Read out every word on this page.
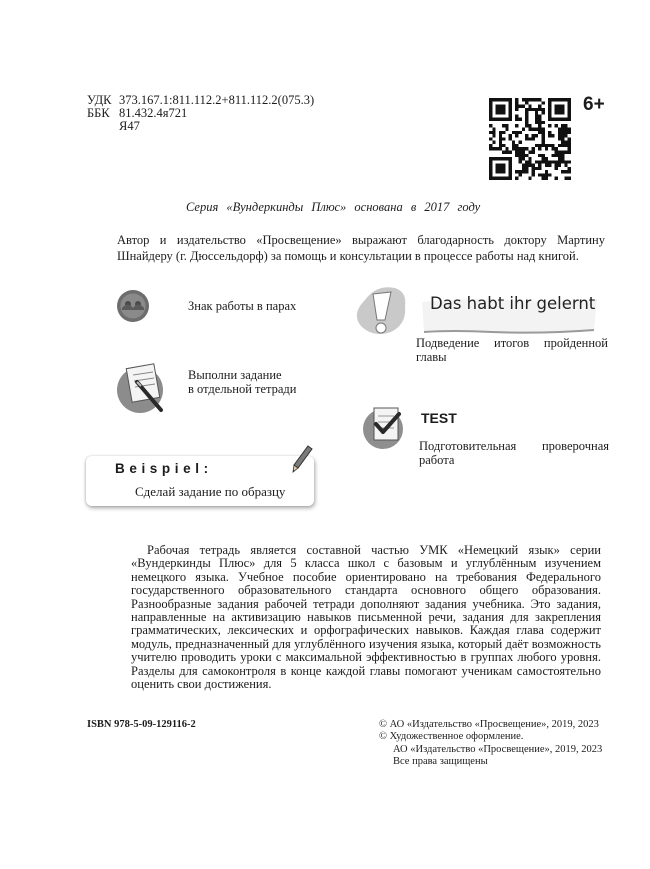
УДК 373.167.1:811.112.2+811.112.2(075.3)
ББК 81.432.4я721
Я47
6+
Серия «Вундеркинды Плюс» основана в 2017 году
Автор и издательство «Просвещение» выражают благодарность доктору Мартину Шнайдеру (г. Дюссельдорф) за помощь и консультации в процессе работы над книгой.
Знак работы в парах
Выполни задание
в отдельной тетради
Das habt ihr gelernt
Подведение итогов пройденной
главы
TEST
Подготовительная проверочная
работа
Beispiel:
Сделай задание по образцу
Рабочая тетрадь является составной частью УМК «Немецкий язык» серии «Вундеркинды Плюс» для 5 класса школ с базовым и углублённым изучением немецкого языка. Учебное пособие ориентировано на требования Федерального государственного образовательного стандарта основного общего образования. Разнообразные задания рабочей тетради дополняют задания учебника. Это задания, направленные на активизацию навыков письменной речи, задания для закрепления грамматических, лексических и орфографических навыков. Каждая глава содержит модуль, предназначенный для углублённого изучения языка, который даёт возможность учителю проводить уроки с максимальной эффективностью в группах любого уровня. Разделы для самоконтроля в конце каждой главы помогают ученикам самостоятельно оценить свои достижения.
ISBN 978-5-09-129116-2	© АО «Издательство «Просвещение», 2019, 2023
© Художественное оформление.
АО «Издательство «Просвещение», 2019, 2023
Все права защищены
